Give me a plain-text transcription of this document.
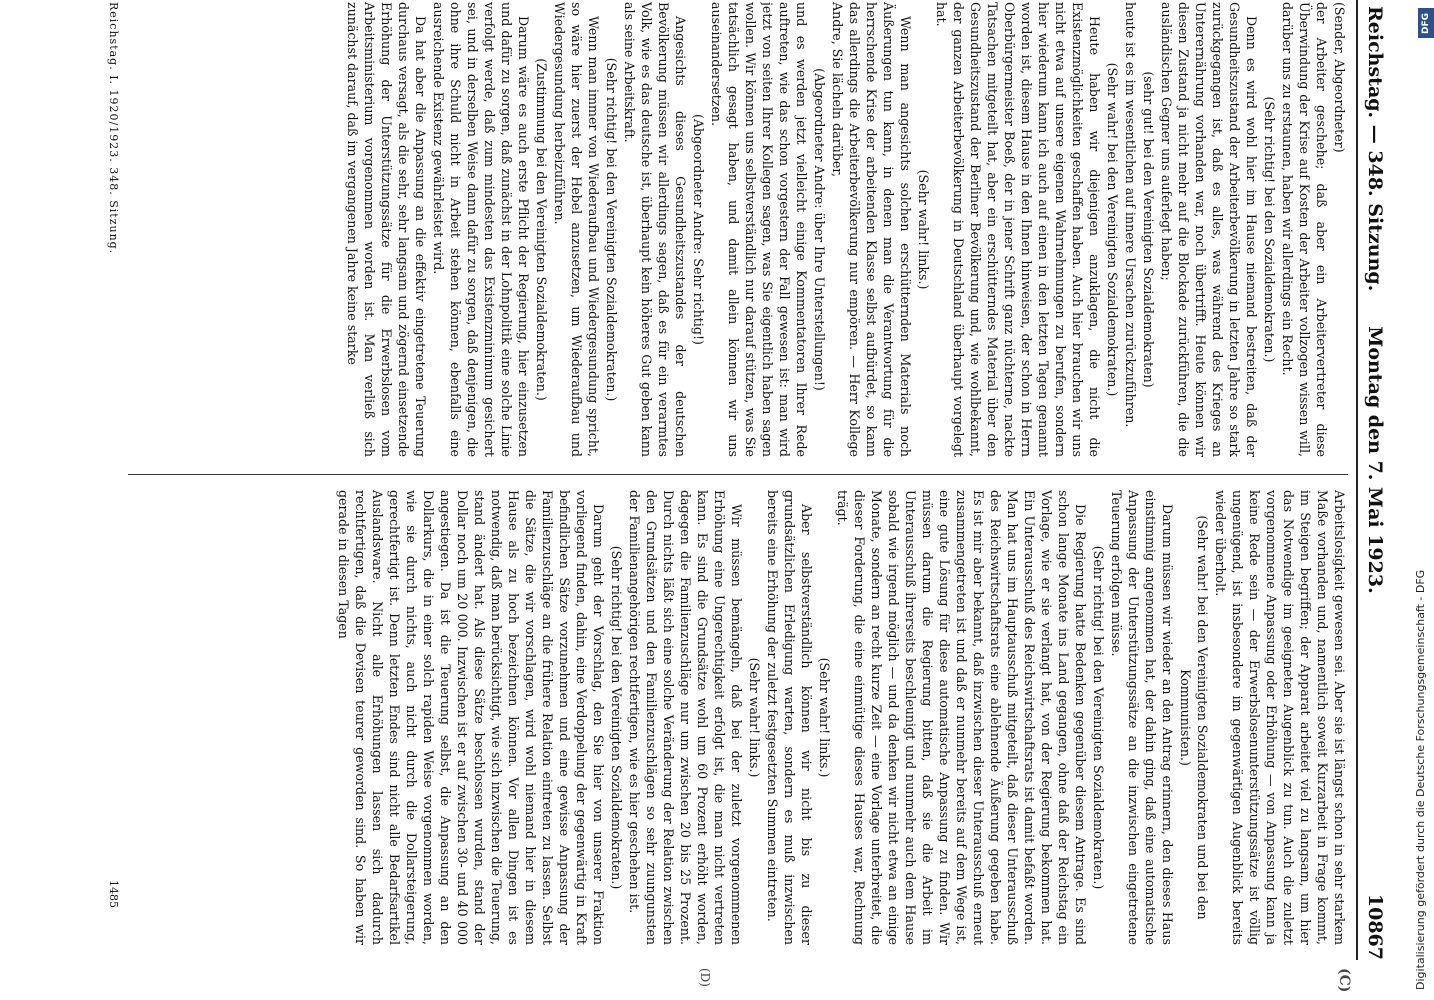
Reichstag. — 348. Sitzung.
Montag den 7. Mai 1923.
10867
(C)
(D)

(Sender, Abgeordneter)

der Arbeiter geschehe; daß aber ein Arbeitervertreter diese Überwindung der Krise auf Kosten der Arbeiter vollzogen wissen will, darüber uns zu erstaunen, haben wir allerdings ein Recht.

(Sehr richtig! bei den Sozialdemokraten.)

Denn es wird wohl hier im Hause niemand bestreiten, daß der Gesundheitszustand der Arbeiterbevölkerung in letzten Jahre so stark zurückgegangen ist, daß es alles, was während des Krieges an Unterernährung vorhanden war, noch übertrifft. Heute können wir diesen Zustand ja nicht mehr auf die Blockade zurückführen, die die ausländischen Gegner uns auferlegt haben;

(sehr gut! bei den Vereinigten Sozialdemokraten)

heute ist es im wesentlichen auf innere Ursachen zurückzuführen.

(Sehr wahr! bei den Vereinigten Sozialdemokraten.)

Heute haben wir diejenigen anzuklagen, die nicht die Existenzmöglichkeiten geschaffen haben. Auch hier brauchen wir uns nicht etwa auf unsere eigenen Wahrnehmungen zu berufen, sondern hier wiederum kann ich auch auf einen in den letzten Tagen genannt worden ist, diesem Hause in den Ihnen hinweisen, der schon in Herrn Oberbürgermeister Boeß, der in jener Schrift ganz nüchterne, nackte Tatsachen mitgeteilt hat, aber ein erschütterndes Material über den Gesundheitszustand der Berliner Bevölkerung und, wie wohlbekannt, der ganzen Arbeiterbevölkerung in Deutschland überhaupt vorgelegt hat.

(Sehr wahr! links.)

Wenn man angesichts solchen erschütternden Materials noch Äußerungen tun kann, in denen man die Verantwortung für die herrschende Krise der arbeitenden Klasse selbst aufbürdet, so kann das allerdings die Arbeiterbevölkerung nur empören. — Herr Kollege Andre, Sie lächeln darüber,

(Abgeordneter Andre: über Ihre Unterstellungen!)

und es werden jetzt vielleicht einige Kommentatoren Ihrer Rede auftreten, wie das schon vorgestern der Fall gewesen ist: man wird jetzt von seiten Ihrer Kollegen sagen, was Sie eigentlich haben sagen wollen. Wir können uns selbstverständlich nur darauf stützen, was Sie tatsächlich gesagt haben, und damit allein können wir uns auseinandersetzen.

(Abgeordneter Andre: Sehr richtig!)

Angesichts dieses Gesundheitszustandes der deutschen Bevölkerung müssen wir allerdings sagen, daß es für ein verarmtes Volk, wie es das deutsche ist, überhaupt kein höheres Gut geben kann als seine Arbeitskraft.

(Sehr richtig! bei den Vereinigten Sozialdemokraten.)

Wenn man immer von Wiederaufbau und Wiedergesundung spricht, so wäre hier zuerst der Hebel anzusetzen, um Wiederaufbau und Wiedergesundung herbeizuführen.

(Zustimmung bei den Vereinigten Sozialdemokraten.)

Darum wäre es auch erste Pflicht der Regierung, hier einzusetzen und dafür zu sorgen, daß zunächst in der Lohnpolitik eine solche Linie verfolgt werde, daß zum mindesten das Existenzminimum gesichert sei, und in derselben Weise dann dafür zu sorgen, daß denjenigen, die ohne ihre Schuld nicht in Arbeit stehen können, ebenfalls eine ausreichende Existenz gewährleistet wird.

Da hat aber die Anpassung an die effektiv eingetretene Teuerung durchaus versagt, als die sehr, sehr langsam und zögernd einsetzende Erhöhung der Unterstützungssätze für die Erwerbslosen vom Arbeitsministerium vorgenommen worden ist. Man verließ sich zunächst darauf, daß im vergangenen Jahre keine starke

Arbeitslosigkeit gewesen sei. Aber sie ist längst schon in sehr starkem Maße vorhanden und, namentlich soweit Kurzarbeit in Frage kommt, im Steigen begriffen; der Apparat arbeitet viel zu langsam, um hier das Notwendige im geeigneten Augenblick zu tun. Auch die zuletzt vorgenommene Anpassung oder Erhöhung — von Anpassung kann ja keine Rede sein — der Erwerbslosenunterstützungssätze ist völlig ungenügend, ist insbesondere im gegenwärtigen Augenblick bereits wieder überholt.

(Sehr wahr! bei den Vereinigten Sozialdemokraten und bei den Kommunisten.)

Darum müssen wir wieder an den Antrag erinnern, den dieses Haus einstimmig angenommen hat, der dahin ging, daß eine automatische Anpassung der Unterstützungssätze an die inzwischen eingetretene Teuerung erfolgen müsse.

(Sehr richtig! bei den Vereinigten Sozialdemokraten.)

Die Regierung hatte Bedenken gegenüber diesem Antrage. Es sind schon lange Monate ins Land gegangen, ohne daß der Reichstag ein Vorlage, wie er sie verlangt hat, von der Regierung bekommen hat. Ein Unterausschuß des Reichswirtschaftsrats ist damit befaßt worden. Man hat uns im Hauptausschuß mitgeteilt, daß dieser Unterausschuß des Reichswirtschaftsrats eine ablehnende Äußerung gegeben habe. Es ist mir aber bekannt, daß inzwischen dieser Unterausschuß erneut zusammengetreten ist und daß er nunmehr bereits auf dem Wege ist, eine gute Lösung für diese automatische Anpassung zu finden. Wir müssen darum die Regierung bitten, daß sie die Arbeit im Unterausschuß ihrerseits beschleunigt und nunmehr auch dem Hause sobald wie irgend möglich — und da denken wir nicht etwa an einige Monate, sondern an recht kurze Zeit — eine Vorlage unterbreitet, die dieser Forderung, die eine einmütige dieses Hauses war, Rechnung trägt.

(Sehr wahr! links.)

Aber selbstverständlich können wir nicht bis zu dieser grundsätzlichen Erledigung warten, sondern es muß inzwischen bereits eine Erhöhung der zuletzt festgesetzten Summen eintreten.

(Sehr wahr! links.)

Wir müssen bemängeln, daß bei der zuletzt vorgenommenen Erhöhung eine Ungerechtigkeit erfolgt ist, die man nicht vertreten kann. Es sind die Grundsätze wohl um 60 Prozent erhöht worden, dagegen die Familienzuschläge nur um zwischen 20 bis 25 Prozent. Durch nichts läßt sich eine solche Veränderung der Relation zwischen den Grundsätzen und den Familienzuschlägen so sehr zuungunsten der Familienangehörigen rechtfertigen, wie es hier geschehen ist.

(Sehr richtig! bei den Vereinigten Sozialdemokraten.)

Darum geht der Vorschlag, den Sie hier von unserer Fraktion vorliegend finden, dahin, eine Verdoppelung der gegenwärtig in Kraft befindlichen Sätze vorzunehmen und eine gewisse Anpassung der Familienzuschläge an die frühere Relation eintreten zu lassen. Selbst die Sätze, die wir vorschlagen, wird wohl niemand hier in diesem Hause als zu hoch bezeichnen können. Vor allen Dingen ist es notwendig, daß man berücksichtigt, wie sich inzwischen die Teuerung, stand ändert hat. Als diese Sätze beschlossen wurden, stand der Dollar noch um 20 000. Inzwischen ist er auf zwischen 30- und 40 000 angestiegen. Da ist die Teuerung selbst, die Anpassung an den Dollarkurs, die in einer solch rapiden Weise vorgenommen worden, wie sie durch nichts, auch nicht durch die Dollarsteigerung, gerechtfertigt ist. Denn letzten Endes sind nicht alle Bedarfsartikel Auslandsware. Nicht alle Erhöhungen lassen sich dadurch rechtfertigen, daß die Devisen teurer geworden sind. So haben wir gerade in diesen Tagen

Reichstag. I. 1920/1923. 348. Sitzung.
1485	Digitalisierung gefördert durch die Deutsche Forschungsgemeinschaft - DFG
DFG
